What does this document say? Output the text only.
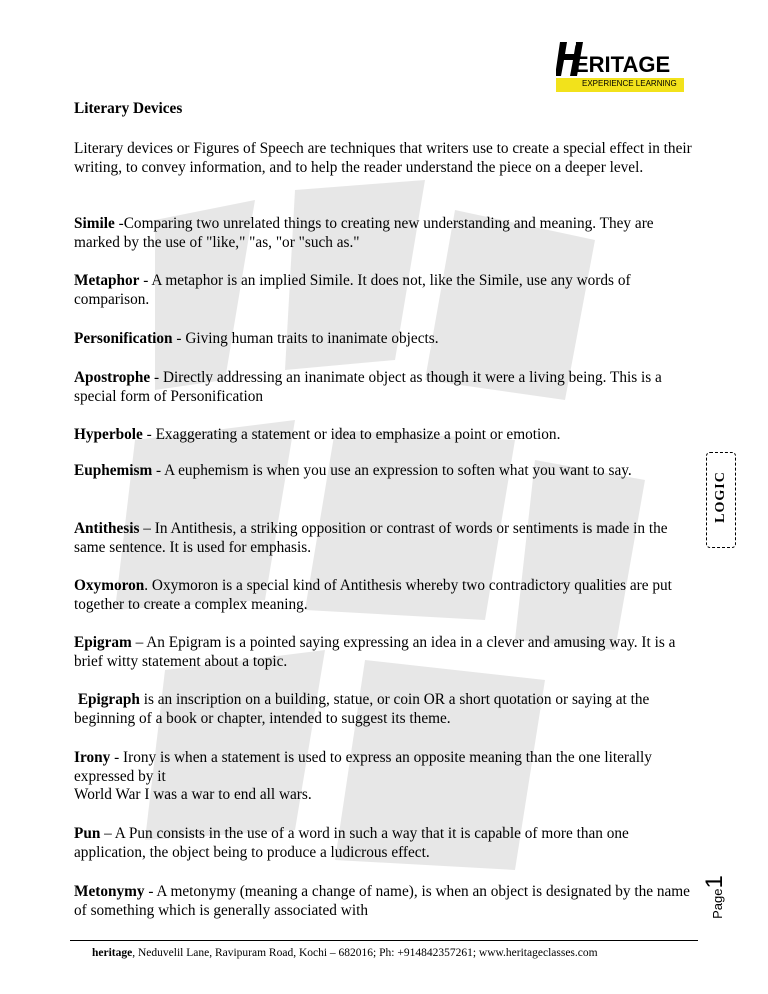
ERITAGE
EXPERIENCE LEARNING
Literary Devices

Literary devices or Figures of Speech are techniques that writers use to create a special effect in their writing, to convey information, and to help the reader understand the piece on a deeper level.

Simile -Comparing two unrelated things to creating new understanding and meaning. They are marked by the use of "like," "as, "or "such as."

Metaphor - A metaphor is an implied Simile. It does not, like the Simile, use any words of comparison.

Personification - Giving human traits to inanimate objects.

Apostrophe - Directly addressing an inanimate object as though it were a living being. This is a special form of Personification

Hyperbole - Exaggerating a statement or idea to emphasize a point or emotion.

Euphemism - A euphemism is when you use an expression to soften what you want to say.

Antithesis – In Antithesis, a striking opposition or contrast of words or sentiments is made in the same sentence. It is used for emphasis.

Oxymoron. Oxymoron is a special kind of Antithesis whereby two contradictory qualities are put together to create a complex meaning.

Epigram – An Epigram is a pointed saying expressing an idea in a clever and amusing way. It is a brief witty statement about a topic.

Epigraph is an inscription on a building, statue, or coin OR a short quotation or saying at the beginning of a book or chapter, intended to suggest its theme.

Irony - Irony is when a statement is used to express an opposite meaning than the one literally expressed by it
World War I was a war to end all wars.

Pun – A Pun consists in the use of a word in such a way that it is capable of more than one application, the object being to produce a ludicrous effect.

Metonymy - A metonymy (meaning a change of name), is when an object is designated by the name of something which is generally associated with

LOGIC
Page1
heritage, Neduvelil Lane, Ravipuram Road, Kochi – 682016; Ph: +914842357261; www.heritageclasses.com
